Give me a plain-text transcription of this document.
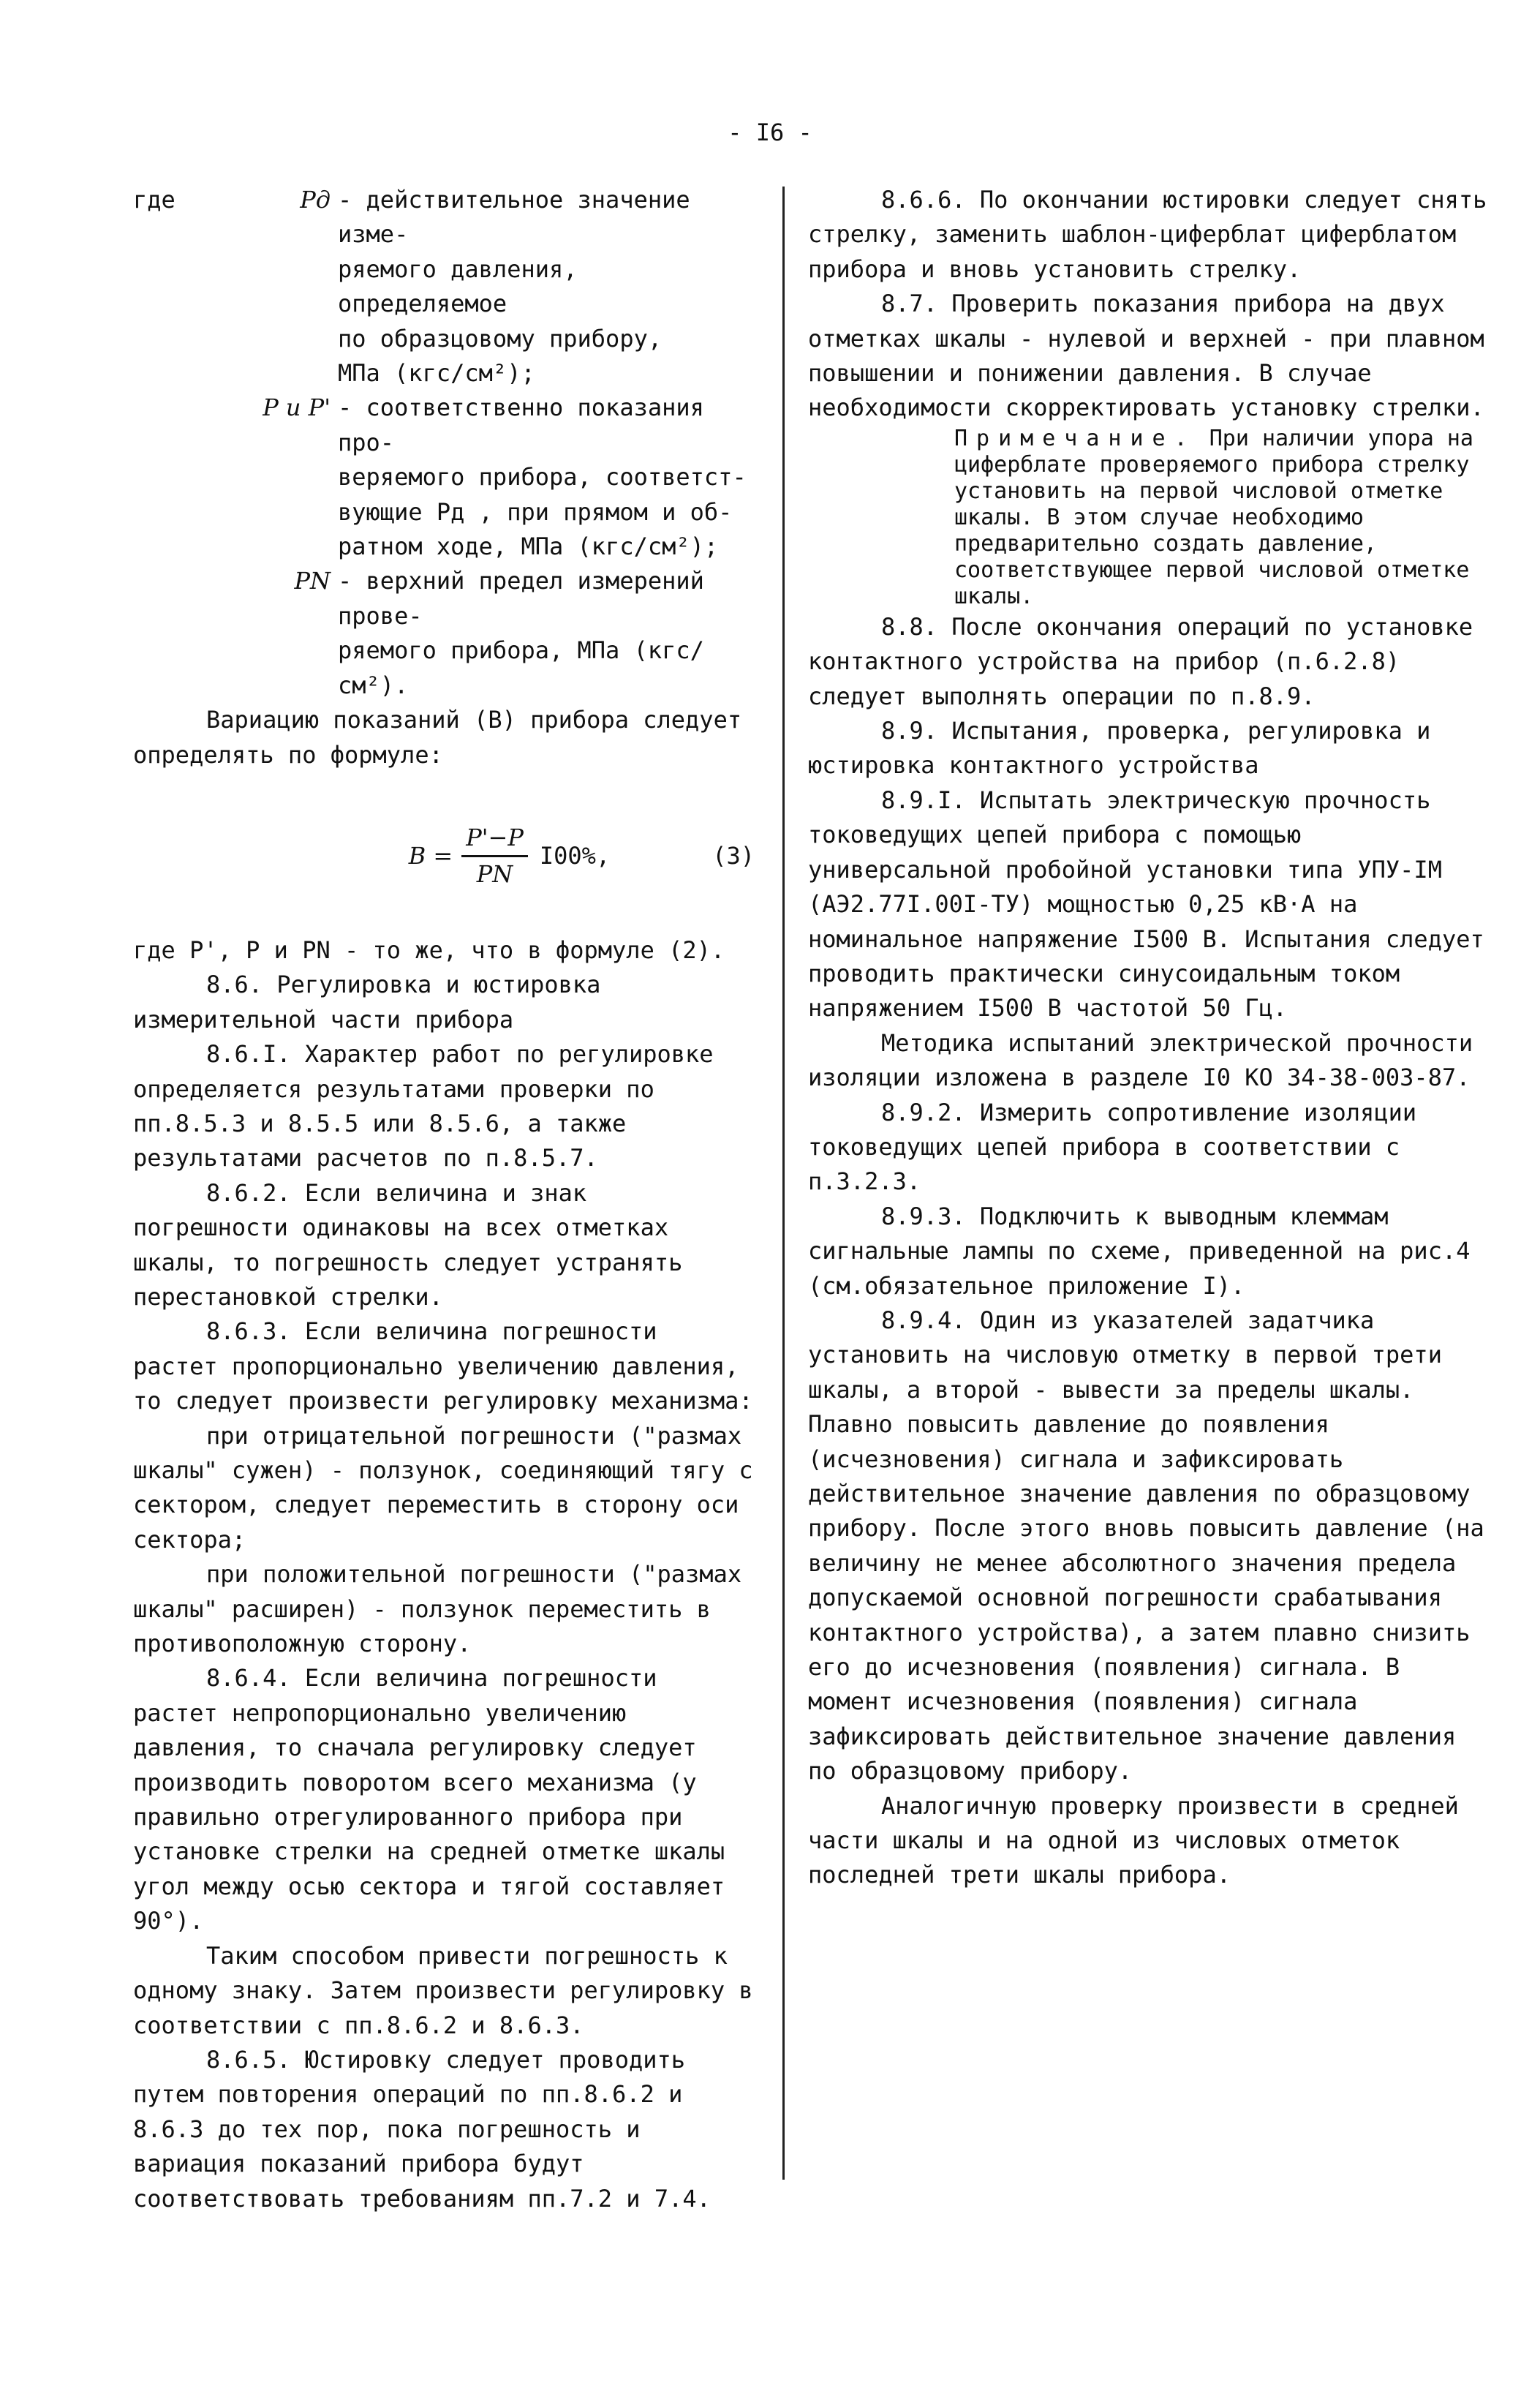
- I6 -
где	Pд - действительное значение изме-
ряемого давления, определяемое
по образцовому прибору,
МПа (кгс/см²);
P и P' - соответственно показания про-
веряемого прибора, соответст-
вующие Pд , при прямом и об-
ратном ходе, МПа (кгс/см²);
PN - верхний предел измерений прове-
ряемого прибора, МПа (кгс/см²).

Вариацию показаний (В) прибора следует

определять по формуле:

$B = \frac{P'-P}{PN} I00\%$,	(3)

где P', P и PN - то же, что в формуле (2).

8.6. Регулировка и юстировка измерительной части прибора

8.6.I. Характер работ по регулировке определяется результатами проверки по пп.8.5.3 и 8.5.5 или 8.5.6, а также результатами расчетов по п.8.5.7.

8.6.2. Если величина и знак погрешности одинаковы на всех отметках шкалы, то погрешность следует устранять перестановкой стрелки.

8.6.3. Если величина погрешности растет пропорционально увеличению давления, то следует произвести регулировку механизма:

при отрицательной погрешности ("размах шкалы" сужен) - ползунок, соединяющий тягу с сектором, следует переместить в сторону оси сектора;

при положительной погрешности ("размах шкалы" расширен) - ползунок переместить в противоположную сторону.

8.6.4. Если величина погрешности растет непропорционально увеличению давления, то сначала регулировку следует производить поворотом всего механизма (у правильно отрегулированного прибора при установке стрелки на средней отметке шкалы угол между осью сектора и тягой составляет 90°).

Таким способом привести погрешность к одному знаку. Затем произвести регулировку в соответствии с пп.8.6.2 и 8.6.3.

8.6.5. Юстировку следует проводить путем повторения операций по пп.8.6.2 и 8.6.3 до тех пор, пока погрешность и вариация показаний прибора будут соответствовать требованиям пп.7.2 и 7.4.

8.6.6. По окончании юстировки следует снять стрелку, заменить шаблон-циферблат циферблатом прибора и вновь установить стрелку.

8.7. Проверить показания прибора на двух отметках шкалы - нулевой и верхней - при плавном повышении и понижении давления. В случае необходимости скорректировать установку стрелки.

Примечание. При наличии упора на циферблате проверяемого прибора стрелку установить на первой числовой отметке шкалы. В этом случае необходимо предварительно создать давление, соответствующее первой числовой отметке шкалы.

8.8. После окончания операций по установке контактного устройства на прибор (п.6.2.8) следует выполнять операции по п.8.9.

8.9. Испытания, проверка, регулировка и юстировка контактного устройства

8.9.I. Испытать электрическую прочность токоведущих цепей прибора с помощью универсальной пробойной установки типа УПУ-IМ (АЭ2.77I.00I-ТУ) мощностью 0,25 кВ·А на номинальное напряжение I500 В. Испытания следует проводить практически синусоидальным током напряжением I500 В частотой 50 Гц.

Методика испытаний электрической прочности изоляции изложена в разделе I0 КО 34-38-003-87.

8.9.2. Измерить сопротивление изоляции токоведущих цепей прибора в соответствии с п.3.2.3.

8.9.3. Подключить к выводным клеммам сигнальные лампы по схеме, приведенной на рис.4 (см.обязательное приложение I).

8.9.4. Один из указателей задатчика установить на числовую отметку в первой трети шкалы, а второй - вывести за пределы шкалы. Плавно повысить давление до появления (исчезновения) сигнала и зафиксировать действительное значение давления по образцовому прибору. После этого вновь повысить давление (на величину не менее абсолютного значения предела допускаемой основной погрешности срабатывания контактного устройства), а затем плавно снизить его до исчезновения (появления) сигнала. В момент исчезновения (появления) сигнала зафиксировать действительное значение давления по образцовому прибору.

Аналогичную проверку произвести в средней части шкалы и на одной из числовых отметок последней трети шкалы прибора.
